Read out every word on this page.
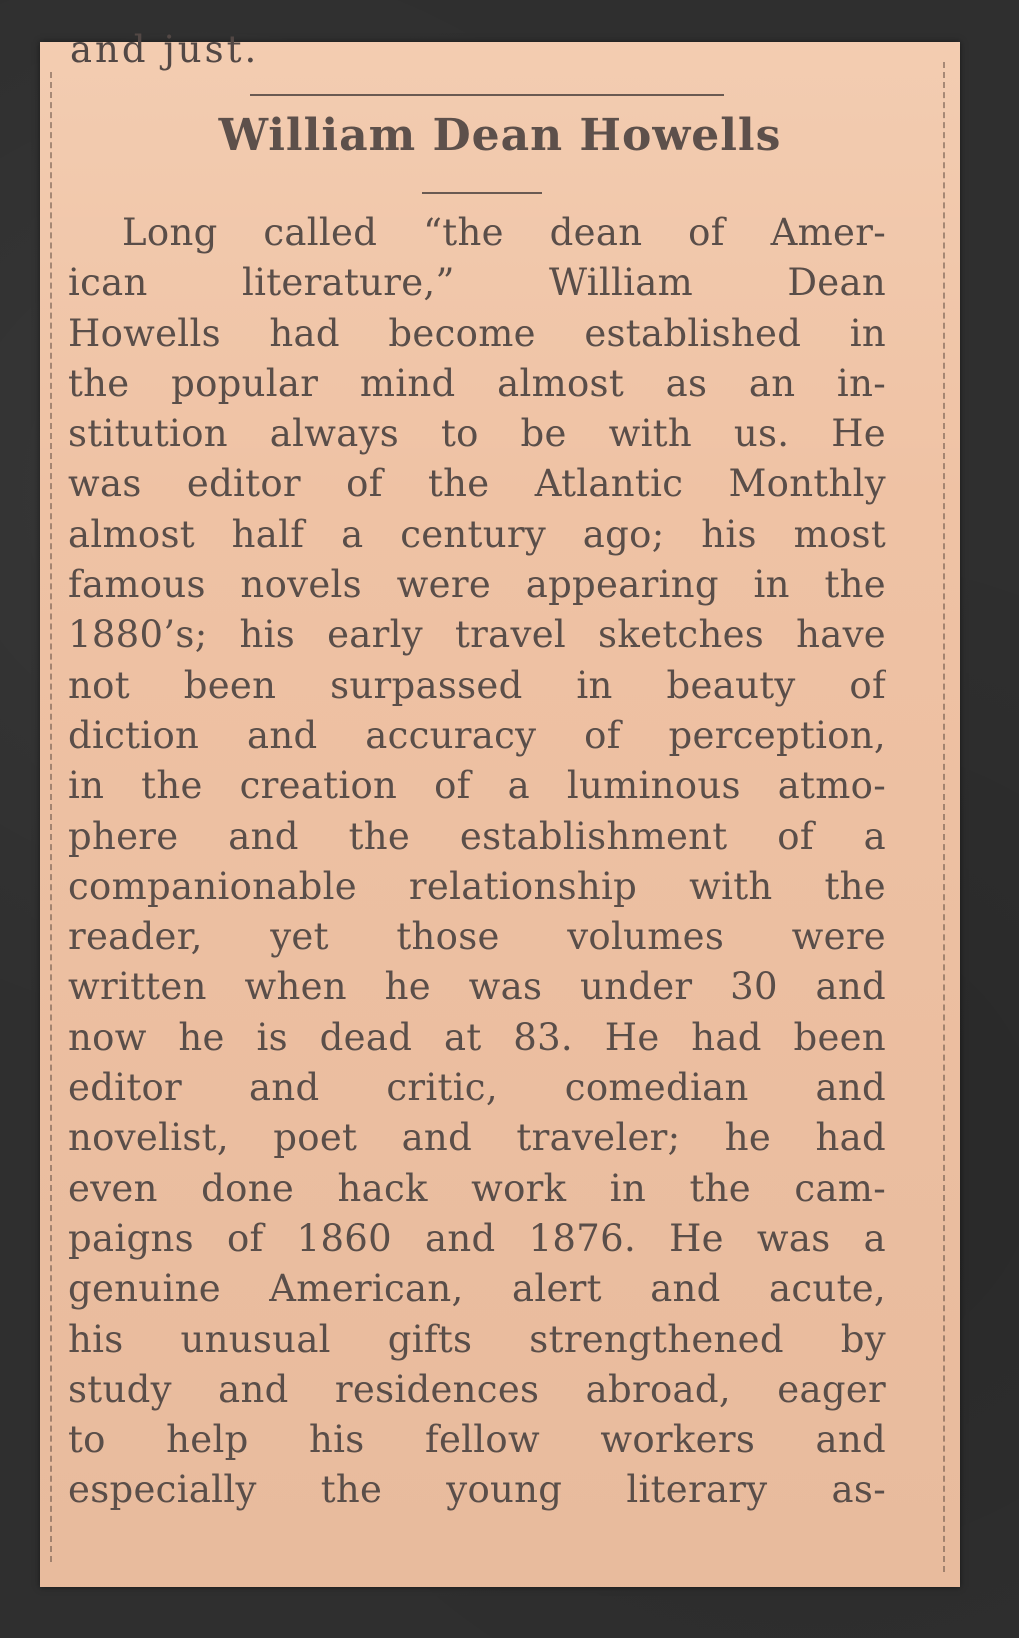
and just.
William Dean Howells
Long called “the dean of Amer-
ican literature,” William Dean
Howells had become established in
the popular mind almost as an in-
stitution always to be with us. He
was editor of the Atlantic Monthly
almost half a century ago; his most
famous novels were appearing in the
1880’s; his early travel sketches have
not been surpassed in beauty of
diction and accuracy of perception,
in the creation of a luminous atmo-
phere and the establishment of a
companionable relationship with the
reader, yet those volumes were
written when he was under 30 and
now he is dead at 83. He had been
editor and critic, comedian and
novelist, poet and traveler; he had
even done hack work in the cam-
paigns of 1860 and 1876. He was a
genuine American, alert and acute,
his unusual gifts strengthened by
study and residences abroad, eager
to help his fellow workers and
especially the young literary as-
